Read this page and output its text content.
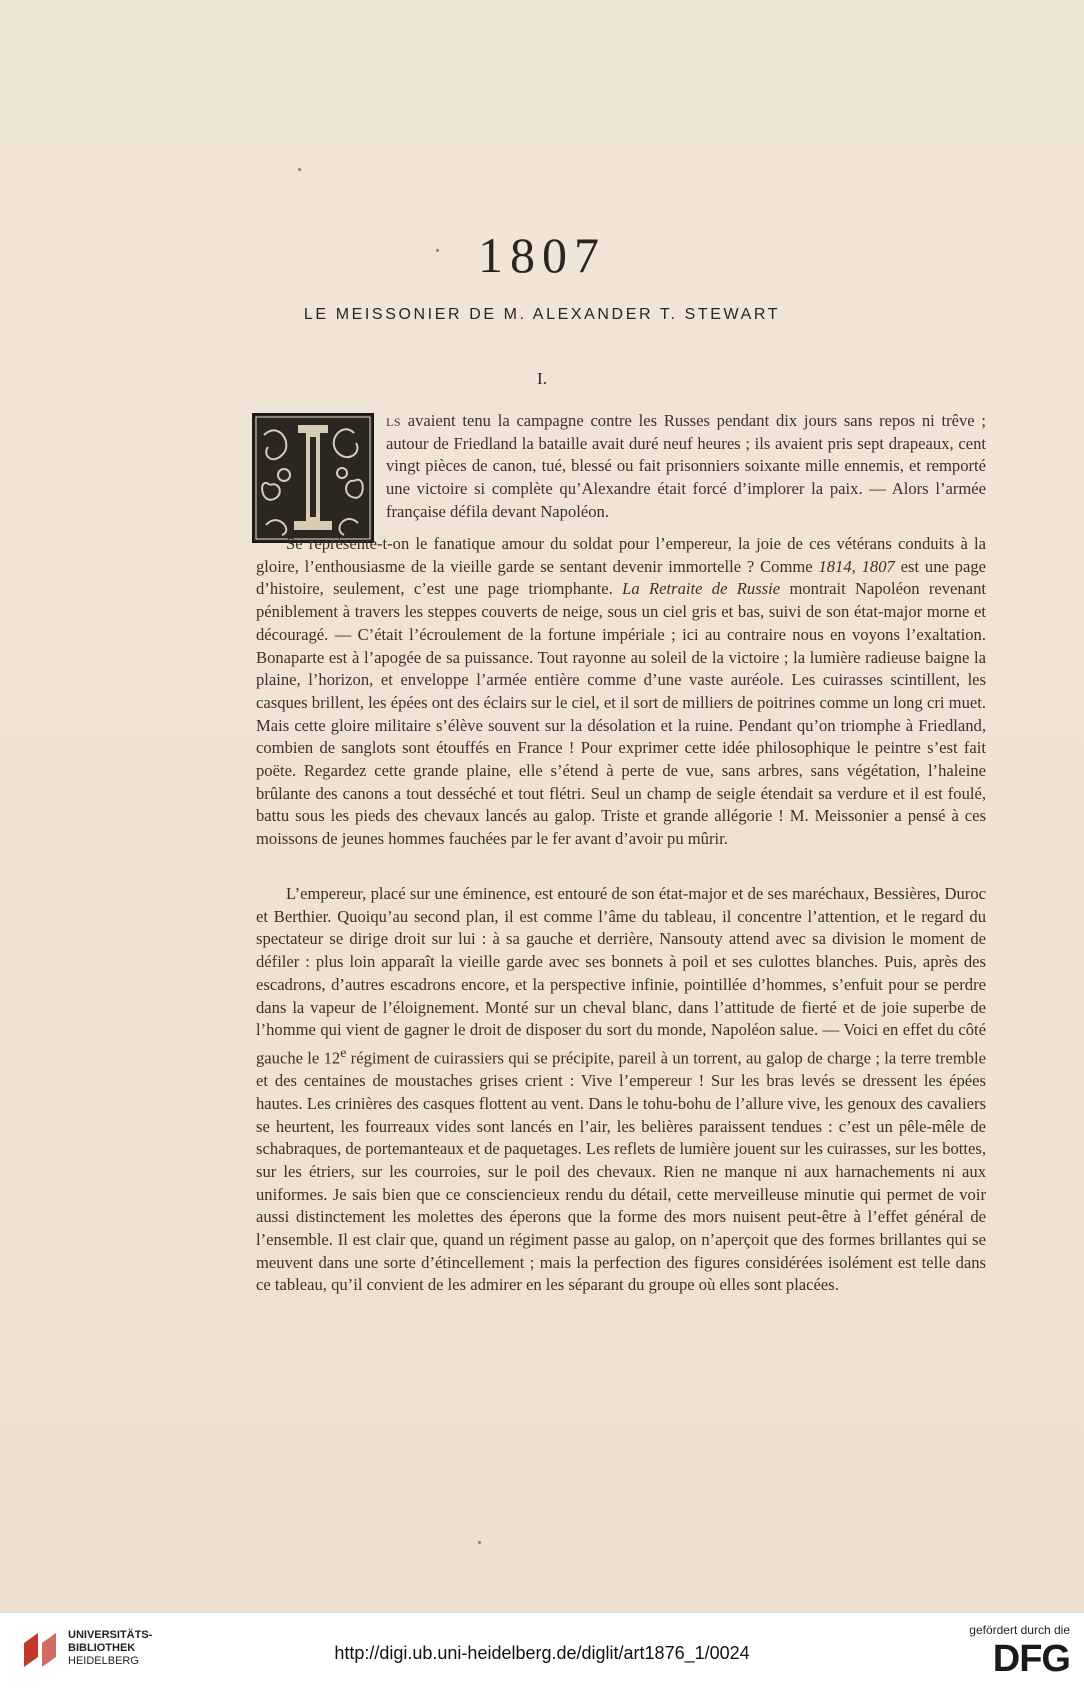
1807
LE MEISSONIER DE M. ALEXANDER T. STEWART
I.

ls avaient tenu la campagne contre les Russes pendant dix jours sans repos ni trêve ; autour de Friedland la bataille avait duré neuf heures ; ils avaient pris sept drapeaux, cent vingt pièces de canon, tué, blessé ou fait prisonniers soixante mille ennemis, et remporté une victoire si complète qu’Alexandre était forcé d’implorer la paix. — Alors l’armée française défila devant Napoléon.

Se représente-t-on le fanatique amour du soldat pour l’empereur, la joie de ces vétérans conduits à la gloire, l’enthousiasme de la vieille garde se sentant devenir immortelle ? Comme 1814, 1807 est une page d’histoire, seulement, c’est une page triomphante. La Retraite de Russie montrait Napoléon revenant péniblement à travers les steppes couverts de neige, sous un ciel gris et bas, suivi de son état-major morne et découragé. — C’était l’écroulement de la fortune impériale ; ici au contraire nous en voyons l’exaltation. Bonaparte est à l’apogée de sa puissance. Tout rayonne au soleil de la victoire ; la lumière radieuse baigne la plaine, l’horizon, et enveloppe l’armée entière comme d’une vaste auréole. Les cuirasses scintillent, les casques brillent, les épées ont des éclairs sur le ciel, et il sort de milliers de poitrines comme un long cri muet. Mais cette gloire militaire s’élève souvent sur la désolation et la ruine. Pendant qu’on triomphe à Friedland, combien de sanglots sont étouffés en France ! Pour exprimer cette idée philosophique le peintre s’est fait poëte. Regardez cette grande plaine, elle s’étend à perte de vue, sans arbres, sans végétation, l’haleine brûlante des canons a tout desséché et tout flétri. Seul un champ de seigle étendait sa verdure et il est foulé, battu sous les pieds des chevaux lancés au galop. Triste et grande allégorie ! M. Meissonier a pensé à ces moissons de jeunes hommes fauchées par le fer avant d’avoir pu mûrir.

L’empereur, placé sur une éminence, est entouré de son état-major et de ses maréchaux, Bessières, Duroc et Berthier. Quoiqu’au second plan, il est comme l’âme du tableau, il concentre l’attention, et le regard du spectateur se dirige droit sur lui : à sa gauche et derrière, Nansouty attend avec sa division le moment de défiler : plus loin apparaît la vieille garde avec ses bonnets à poil et ses culottes blanches. Puis, après des escadrons, d’autres escadrons encore, et la perspective infinie, pointillée d’hommes, s’enfuit pour se perdre dans la vapeur de l’éloignement. Monté sur un cheval blanc, dans l’attitude de fierté et de joie superbe de l’homme qui vient de gagner le droit de disposer du sort du monde, Napoléon salue. — Voici en effet du côté gauche le 12e régiment de cuirassiers qui se précipite, pareil à un torrent, au galop de charge ; la terre tremble et des centaines de moustaches grises crient : Vive l’empereur ! Sur les bras levés se dressent les épées hautes. Les crinières des casques flottent au vent. Dans le tohu-bohu de l’allure vive, les genoux des cavaliers se heurtent, les fourreaux vides sont lancés en l’air, les belières paraissent tendues : c’est un pêle-mêle de schabraques, de portemanteaux et de paquetages. Les reflets de lumière jouent sur les cuirasses, sur les bottes, sur les étriers, sur les courroies, sur le poil des chevaux. Rien ne manque ni aux harnachements ni aux uniformes. Je sais bien que ce consciencieux rendu du détail, cette merveilleuse minutie qui permet de voir aussi distinctement les molettes des éperons que la forme des mors nuisent peut-être à l’effet général de l’ensemble. Il est clair que, quand un régiment passe au galop, on n’aperçoit que des formes brillantes qui se meuvent dans une sorte d’étincellement ; mais la perfection des figures considérées isolément est telle dans ce tableau, qu’il convient de les admirer en les séparant du groupe où elles sont placées.

UNIVERSITÄTS-
BIBLIOTHEK
HEIDELBERG	http://digi.ub.uni-heidelberg.de/diglit/art1876_1/0024
gefördert durch die
DFG
